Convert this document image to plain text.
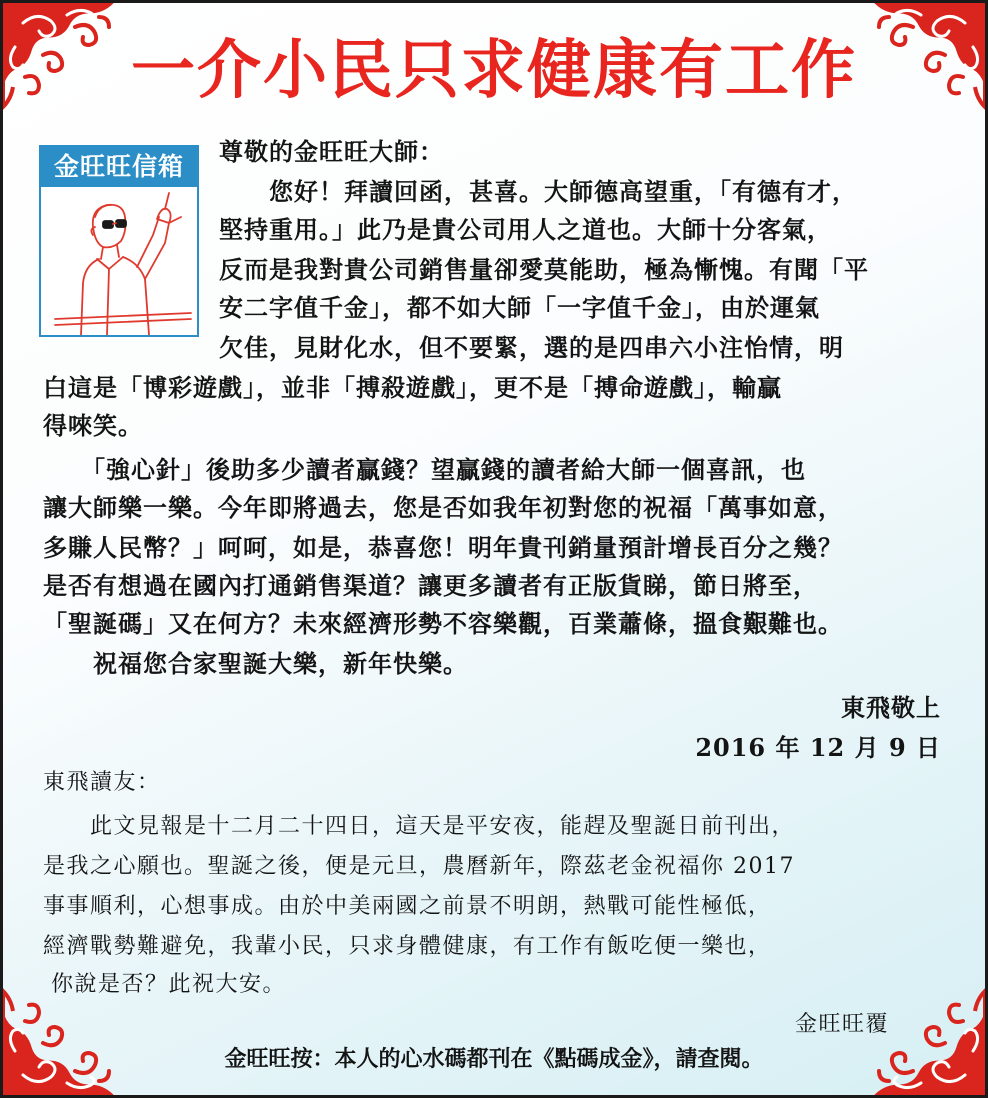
一介小民只求健康有工作
金旺旺信箱
尊敬的金旺旺大師：
　　您好！拜讀回函，甚喜。大師德高望重，「有德有才，
堅持重用。」此乃是貴公司用人之道也。大師十分客氣，
反而是我對貴公司銷售量卻愛莫能助，極為慚愧。有聞「平
安二字值千金」，都不如大師「一字值千金」，由於運氣
欠佳，見財化水，但不要緊，選的是四串六小注怡情，明
白這是「博彩遊戲」，並非「搏殺遊戲」，更不是「搏命遊戲」，輸贏
得唻笑。
　　「強心針」後助多少讀者贏錢？望贏錢的讀者給大師一個喜訊，也
讓大師樂一樂。今年即將過去，您是否如我年初對您的祝福「萬事如意，
多賺人民幣？」呵呵，如是，恭喜您！明年貴刊銷量預計增長百分之幾？
是否有想過在國內打通銷售渠道？讓更多讀者有正版貨睇，節日將至，
「聖誕碼」又在何方？未來經濟形勢不容樂觀，百業蕭條，搵食艱難也。
　　祝福您合家聖誕大樂，新年快樂。
東飛敬上
2016 年 12 月 9 日
東飛讀友：
　　此文見報是十二月二十四日，這天是平安夜，能趕及聖誕日前刊出，
是我之心願也。聖誕之後，便是元旦，農曆新年，際茲老金祝福你 2017
事事順利，心想事成。由於中美兩國之前景不明朗，熱戰可能性極低，
經濟戰勢難避免，我輩小民，只求身體健康，有工作有飯吃便一樂也，
你說是否？此祝大安。
金旺旺覆
金旺旺按：本人的心水碼都刊在《點碼成金》，請查閱。
